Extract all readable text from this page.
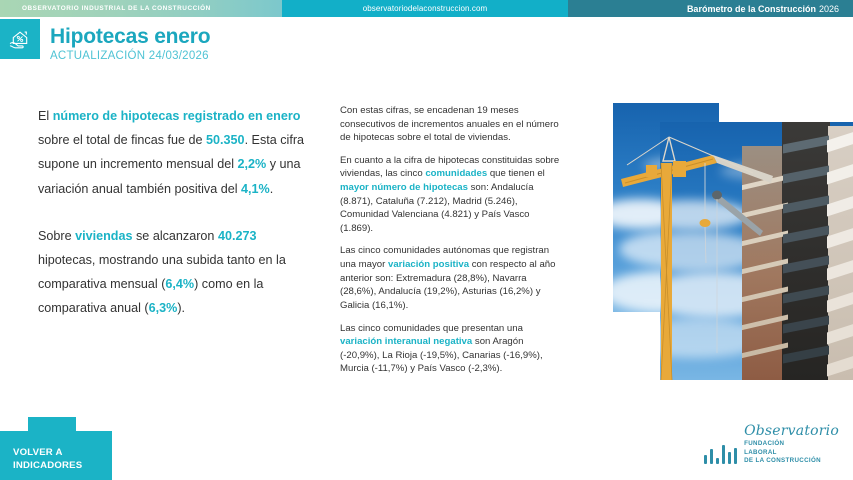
OBSERVATORIO INDUSTRIAL DE LA CONSTRUCCIÓN	observatoriodelaconstruccion.com	Barómetro de la Construcción 2026
Hipotecas enero
ACTUALIZACIÓN 24/03/2026

El número de hipotecas registrado en enero sobre el total de fincas fue de 50.350. Esta cifra supone un incremento mensual del 2,2% y una variación anual también positiva del 4,1%.

Sobre viviendas se alcanzaron 40.273 hipotecas, mostrando una subida tanto en la comparativa mensual (6,4%) como en la comparativa anual (6,3%).

Con estas cifras, se encadenan 19 meses consecutivos de incrementos anuales en el número de hipotecas sobre el total de viviendas.

En cuanto a la cifra de hipotecas constituidas sobre viviendas, las cinco comunidades que tienen el mayor número de hipotecas son: Andalucía (8.871), Cataluña (7.212), Madrid (5.246), Comunidad Valenciana (4.821) y País Vasco (1.869).

Las cinco comunidades autónomas que registran una mayor variación positiva con respecto al año anterior son: Extremadura (28,8%), Navarra (28,6%), Andalucía (19,2%), Asturias (16,2%) y Galicia (16,1%).

Las cinco comunidades que presentan una variación interanual negativa son Aragón (-20,9%), La Rioja (-19,5%), Canarias (-16,9%), Murcia (-11,7%) y País Vasco (-2,3%).

VOLVER A
INDICADORES
Observatorio
FUNDACIÓN
LABORAL
DE LA CONSTRUCCIÓN
